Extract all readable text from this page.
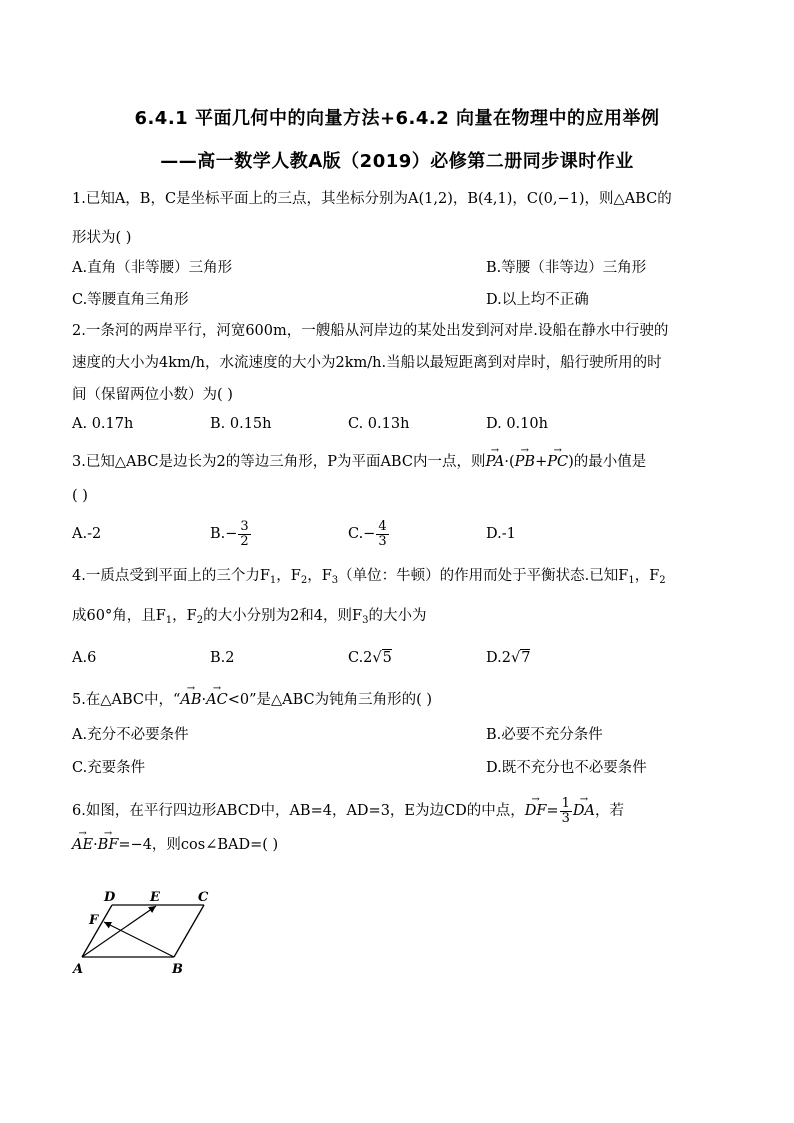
6.4.1 平面几何中的向量方法+6.4.2 向量在物理中的应用举例
——高一数学人教A版（2019）必修第二册同步课时作业
1.已知A，B，C是坐标平面上的三点，其坐标分别为A(1,2)，B(4,1)，C(0,−1)，则△ABC的
形状为( )
A.直角（非等腰）三角形	B.等腰（非等边）三角形
C.等腰直角三角形	D.以上均不正确
2.一条河的两岸平行，河宽600m，一艘船从河岸边的某处出发到河对岸.设船在静水中行驶的
速度的大小为4km/h，水流速度的大小为2km/h.当船以最短距离到对岸时，船行驶所用的时
间（保留两位小数）为( )
A. 0.17h	B. 0.15h	C. 0.13h	D. 0.10h
3.已知△ABC是边长为2的等边三角形，P为平面ABC内一点，则→ PA·(→ PB+→ PC)的最小值是
( )
A.-2	$B.- \frac{3}{2}$	$C.- \frac{4}{3}$	D.-1
4.一质点受到平面上的三个力$F_1$，$F_2$，$F_3$（单位：牛顿）的作用而处于平衡状态.已知$F_1$，$F_2$
成60°角，且$F_1$，$F_2$的大小分别为2和4，则$F_3$的大小为
A.6	B.2	C.2√5	D.2√7
5.在△ABC中，“→ AB·→ AC<0”是△ABC为钝角三角形的( )
A.充分不必要条件	B.必要不充分条件
C.充要条件	D.既不充分也不必要条件
6.如图，在平行四边形ABCD中，AB=4，AD=3，E为边CD的中点，→ $DF= \frac{1}{3}$
→ DA，若
→ AE·→ BF=−4，则cos∠BAD=( )
D	E	C
F
A	B
